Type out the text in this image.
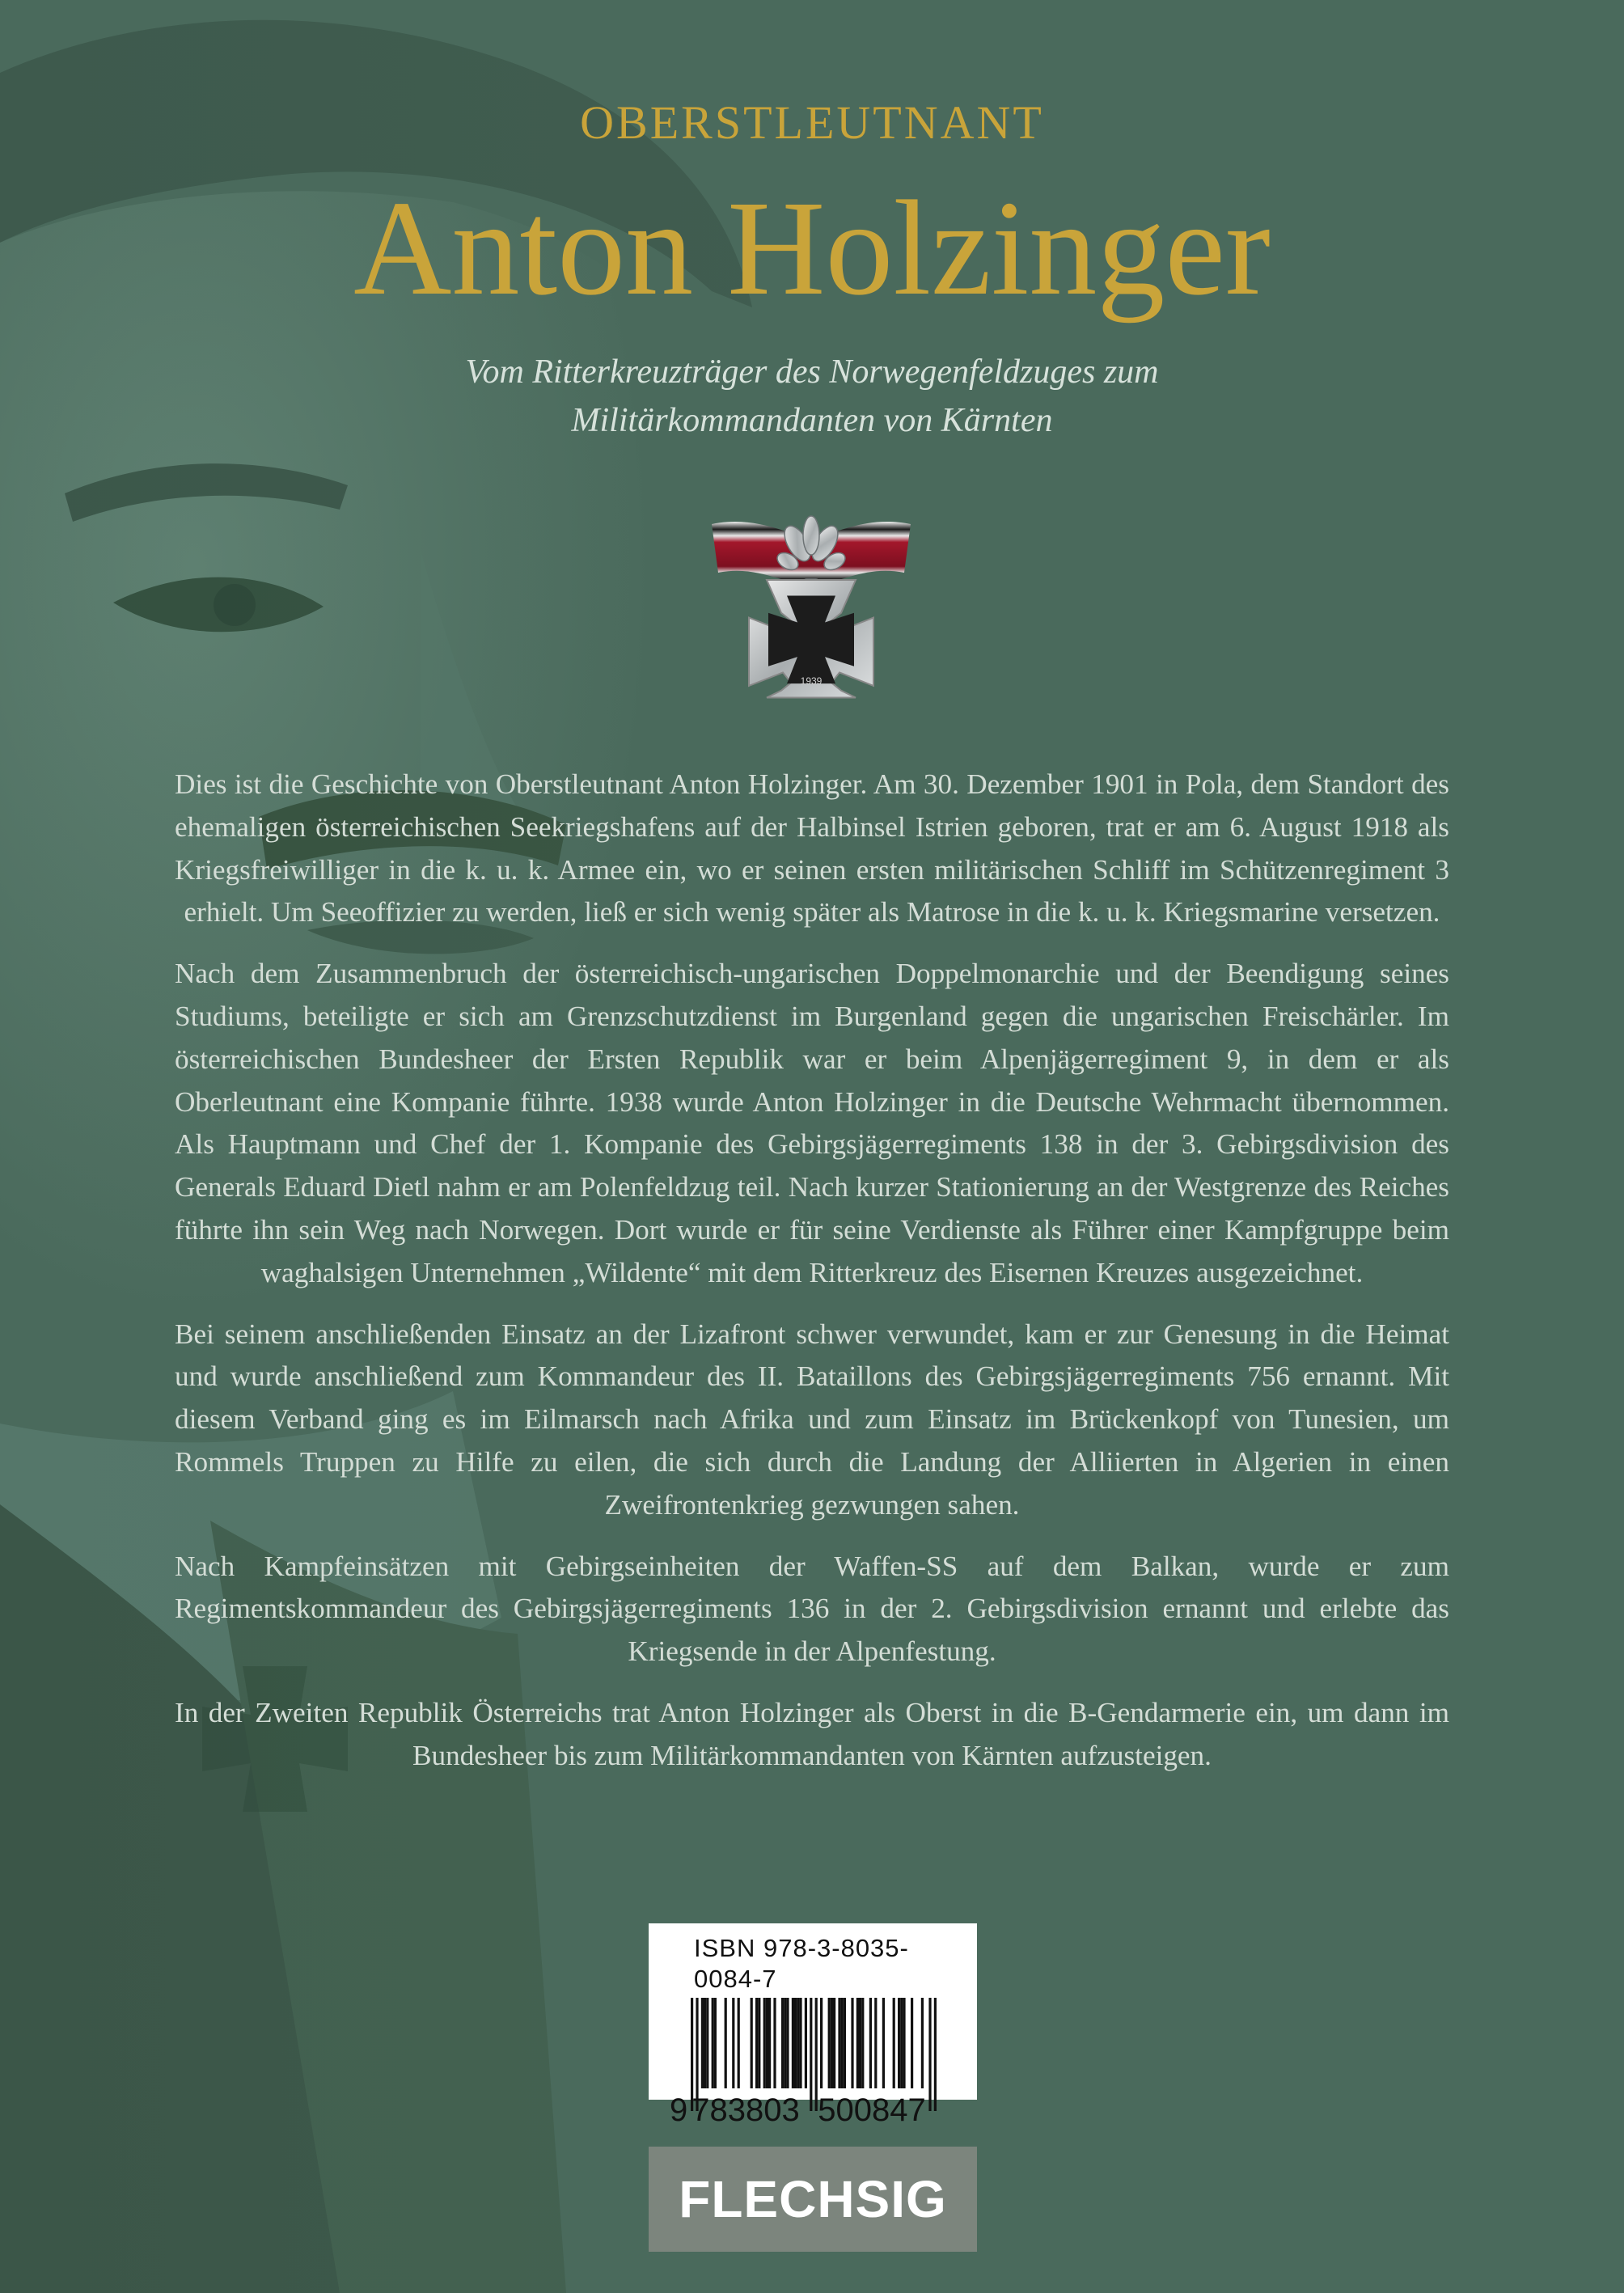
OBERSTLEUTNANT
Anton Holzinger
Vom Ritterkreuzträger des Norwegenfeldzuges zum
Militärkommandanten von Kärnten
1939

Dies ist die Geschichte von Oberstleutnant Anton Holzinger. Am 30. Dezember 1901 in Pola, dem Standort des ehemaligen österreichischen Seekriegshafens auf der Halbinsel Istrien geboren, trat er am 6. August 1918 als Kriegsfreiwilliger in die k. u. k. Armee ein, wo er seinen ersten militärischen Schliff im Schützenregiment 3 erhielt. Um Seeoffizier zu werden, ließ er sich wenig später als Matrose in die k. u. k. Kriegsmarine versetzen.

Nach dem Zusammenbruch der österreichisch-ungarischen Doppelmonarchie und der Beendigung seines Studiums, beteiligte er sich am Grenzschutzdienst im Burgenland gegen die ungarischen Freischärler. Im österreichischen Bundesheer der Ersten Republik war er beim Alpenjägerregiment 9, in dem er als Oberleutnant eine Kompanie führte. 1938 wurde Anton Holzinger in die Deutsche Wehrmacht übernommen. Als Hauptmann und Chef der 1. Kompanie des Gebirgsjägerregiments 138 in der 3. Gebirgsdivision des Generals Eduard Dietl nahm er am Polenfeldzug teil. Nach kurzer Stationierung an der Westgrenze des Reiches führte ihn sein Weg nach Norwegen. Dort wurde er für seine Verdienste als Führer einer Kampfgruppe beim waghalsigen Unternehmen „Wildente“ mit dem Ritterkreuz des Eisernen Kreuzes ausgezeichnet.

Bei seinem anschließenden Einsatz an der Lizafront schwer verwundet, kam er zur Genesung in die Heimat und wurde anschließend zum Kommandeur des II. Bataillons des Gebirgsjägerregiments 756 ernannt. Mit diesem Verband ging es im Eilmarsch nach Afrika und zum Einsatz im Brückenkopf von Tunesien, um Rommels Truppen zu Hilfe zu eilen, die sich durch die Landung der Alliierten in Algerien in einen Zweifrontenkrieg gezwungen sahen.

Nach Kampfeinsätzen mit Gebirgseinheiten der Waffen-SS auf dem Balkan, wurde er zum Regimentskommandeur des Gebirgsjägerregiments 136 in der 2. Gebirgsdivision ernannt und erlebte das Kriegsende in der Alpenfestung.

In der Zweiten Republik Österreichs trat Anton Holzinger als Oberst in die B-Gendarmerie ein, um dann im Bundesheer bis zum Militärkommandanten von Kärnten aufzusteigen.

ISBN 978-3-8035-0084-7
9 783803 500847
FLECHSIG
